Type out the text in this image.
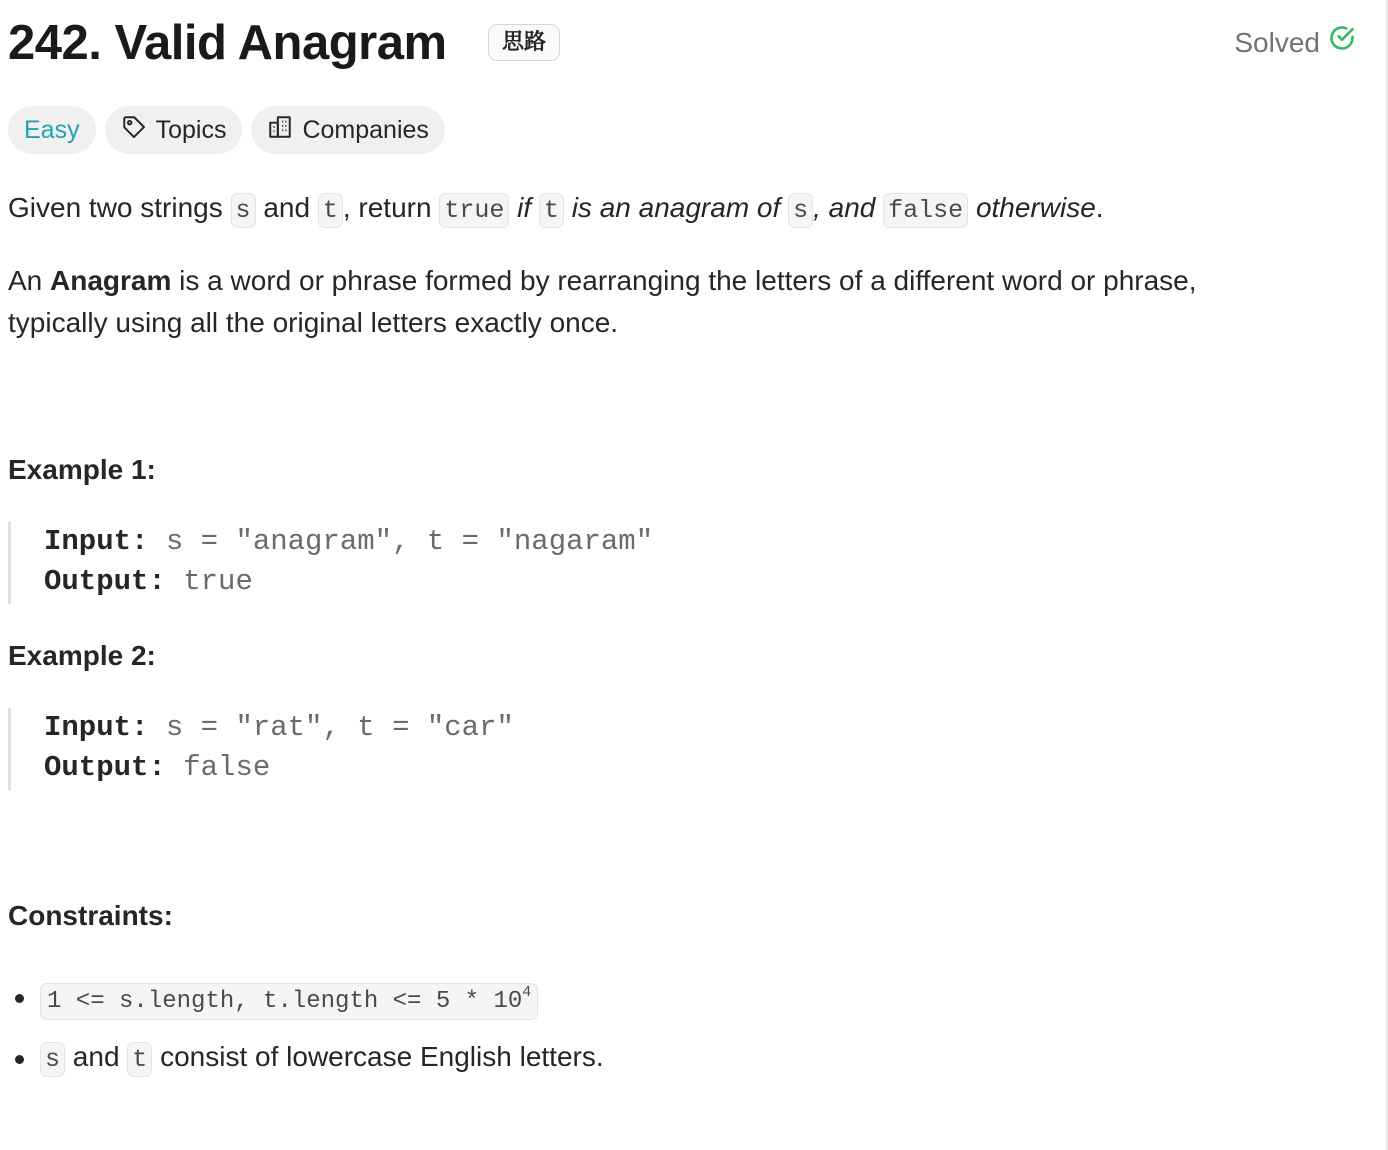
242. Valid Anagram	思路	Solved
Easy	Topics	Companies
Given two strings s and t , return true if t is an anagram of s , and false otherwise.
An Anagram is a word or phrase formed by rearranging the letters of a different word or phrase, typically using all the original letters exactly once.
Example 1:
Input: s = "anagram", t = "nagaram"
Output: true
Example 2:
Input: s = "rat", t = "car"
Output: false
Constraints:
1 <= s.length, t.length <= $5 * 10^4$
s and t consist of lowercase English letters.
